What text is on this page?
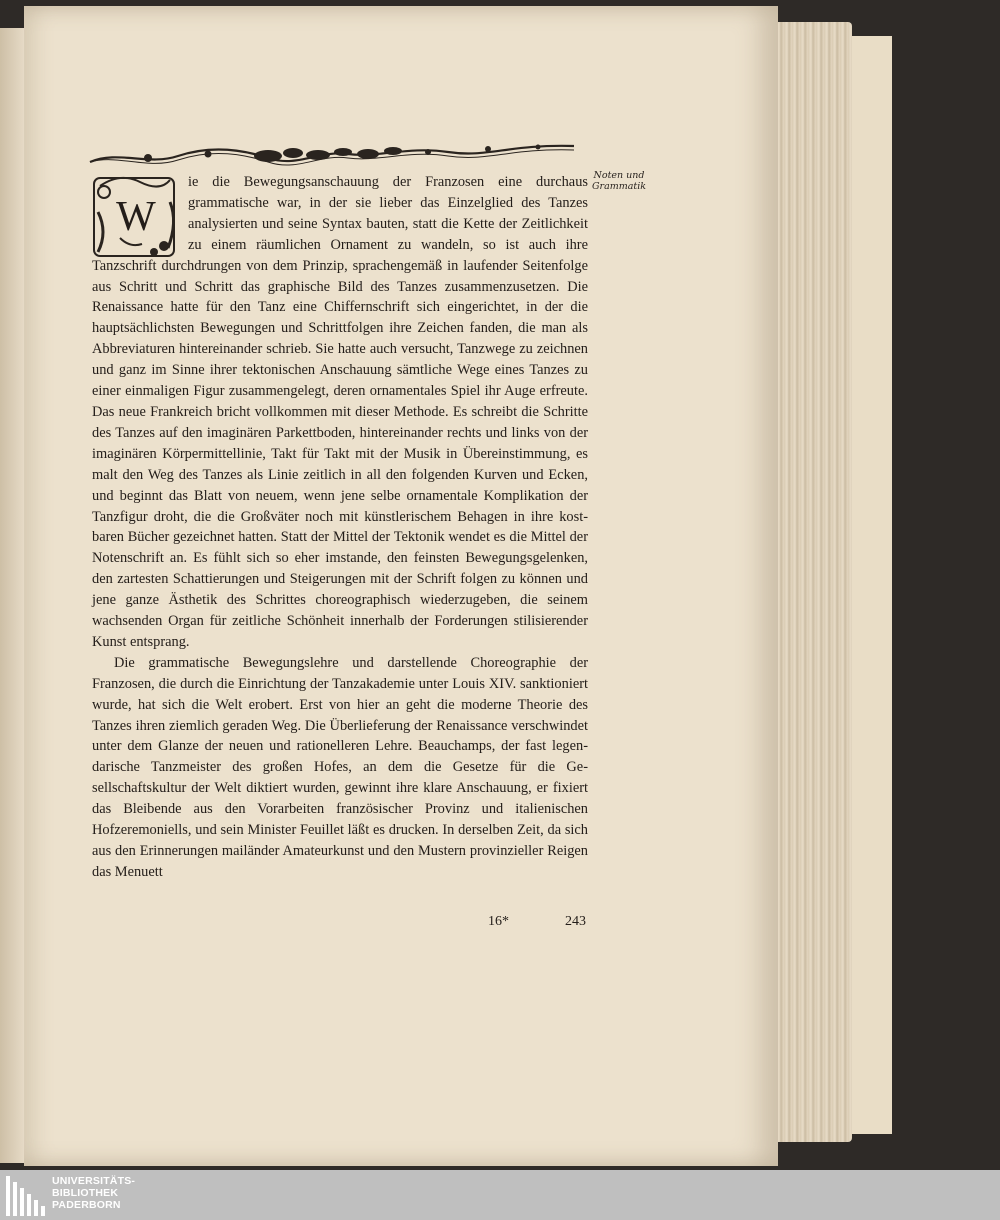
Noten und
Grammatik
W

ie die Bewegungsanschauung der Franzosen eine durchaus grammatische war, in der sie lieber das Einzelglied des Tanzes analysierten und seine Syntax bauten, statt die Kette der Zeitlichkeit zu einem räumlichen Ornament zu wandeln, so ist auch ihre Tanzschrift durchdrungen von dem Prinzip, sprachengemäß in laufender Seitenfolge aus Schritt und Schritt das graphische Bild des Tanzes zusammenzusetzen. Die Renaissance hatte für den Tanz eine Chiffernschrift sich eingerichtet, in der die hauptsächlichsten Bewegungen und Schrittfolgen ihre Zeichen fanden, die man als Abbreviaturen hintereinander schrieb. Sie hatte auch versucht, Tanzwege zu zeichnen und ganz im Sinne ihrer tektonischen Anschauung sämtliche Wege eines Tanzes zu einer einmaligen Figur zusammengelegt, deren ornamentales Spiel ihr Auge erfreute. Das neue Frankreich bricht vollkommen mit dieser Methode. Es schreibt die Schritte des Tanzes auf den imaginären Parkettboden, hintereinander rechts und links von der imaginären Körpermittellinie, Takt für Takt mit der Musik in Übereinstimmung, es malt den Weg des Tanzes als Linie zeitlich in all den folgenden Kurven und Ecken, und beginnt das Blatt von neuem, wenn jene selbe ornamentale Komplikation der Tanzfigur droht, die die Großväter noch mit künstlerischem Behagen in ihre kostbaren Bücher gezeichnet hatten. Statt der Mittel der Tektonik wendet es die Mittel der Notenschrift an. Es fühlt sich so eher imstande, den feinsten Bewegungsgelenken, den zartesten Schattierungen und Steigerungen mit der Schrift folgen zu können und jene ganze Ästhetik des Schrittes choreographisch wiederzugeben, die seinem wachsenden Organ für zeitliche Schönheit innerhalb der Forderungen stilisierender Kunst entsprang.

Die grammatische Bewegungslehre und darstellende Choreographie der Franzosen, die durch die Einrichtung der Tanzakademie unter Louis XIV. sanktioniert wurde, hat sich die Welt erobert. Erst von hier an geht die moderne Theorie des Tanzes ihren ziemlich geraden Weg. Die Überlieferung der Renaissance verschwindet unter dem Glanze der neuen und rationelleren Lehre. Beauchamps, der fast legendarische Tanzmeister des großen Hofes, an dem die Gesetze für die Gesellschaftskultur der Welt diktiert wurden, gewinnt ihre klare Anschauung, er fixiert das Bleibende aus den Vorarbeiten französischer Provinz und italienischen Hofzeremoniells, und sein Minister Feuillet läßt es drucken. In derselben Zeit, da sich aus den Erinnerungen mailänder Amateurkunst und den Mustern provinzieller Reigen das Menuett

16*	243
UNIVERSITÄTS-
BIBLIOTHEK
PADERBORN
